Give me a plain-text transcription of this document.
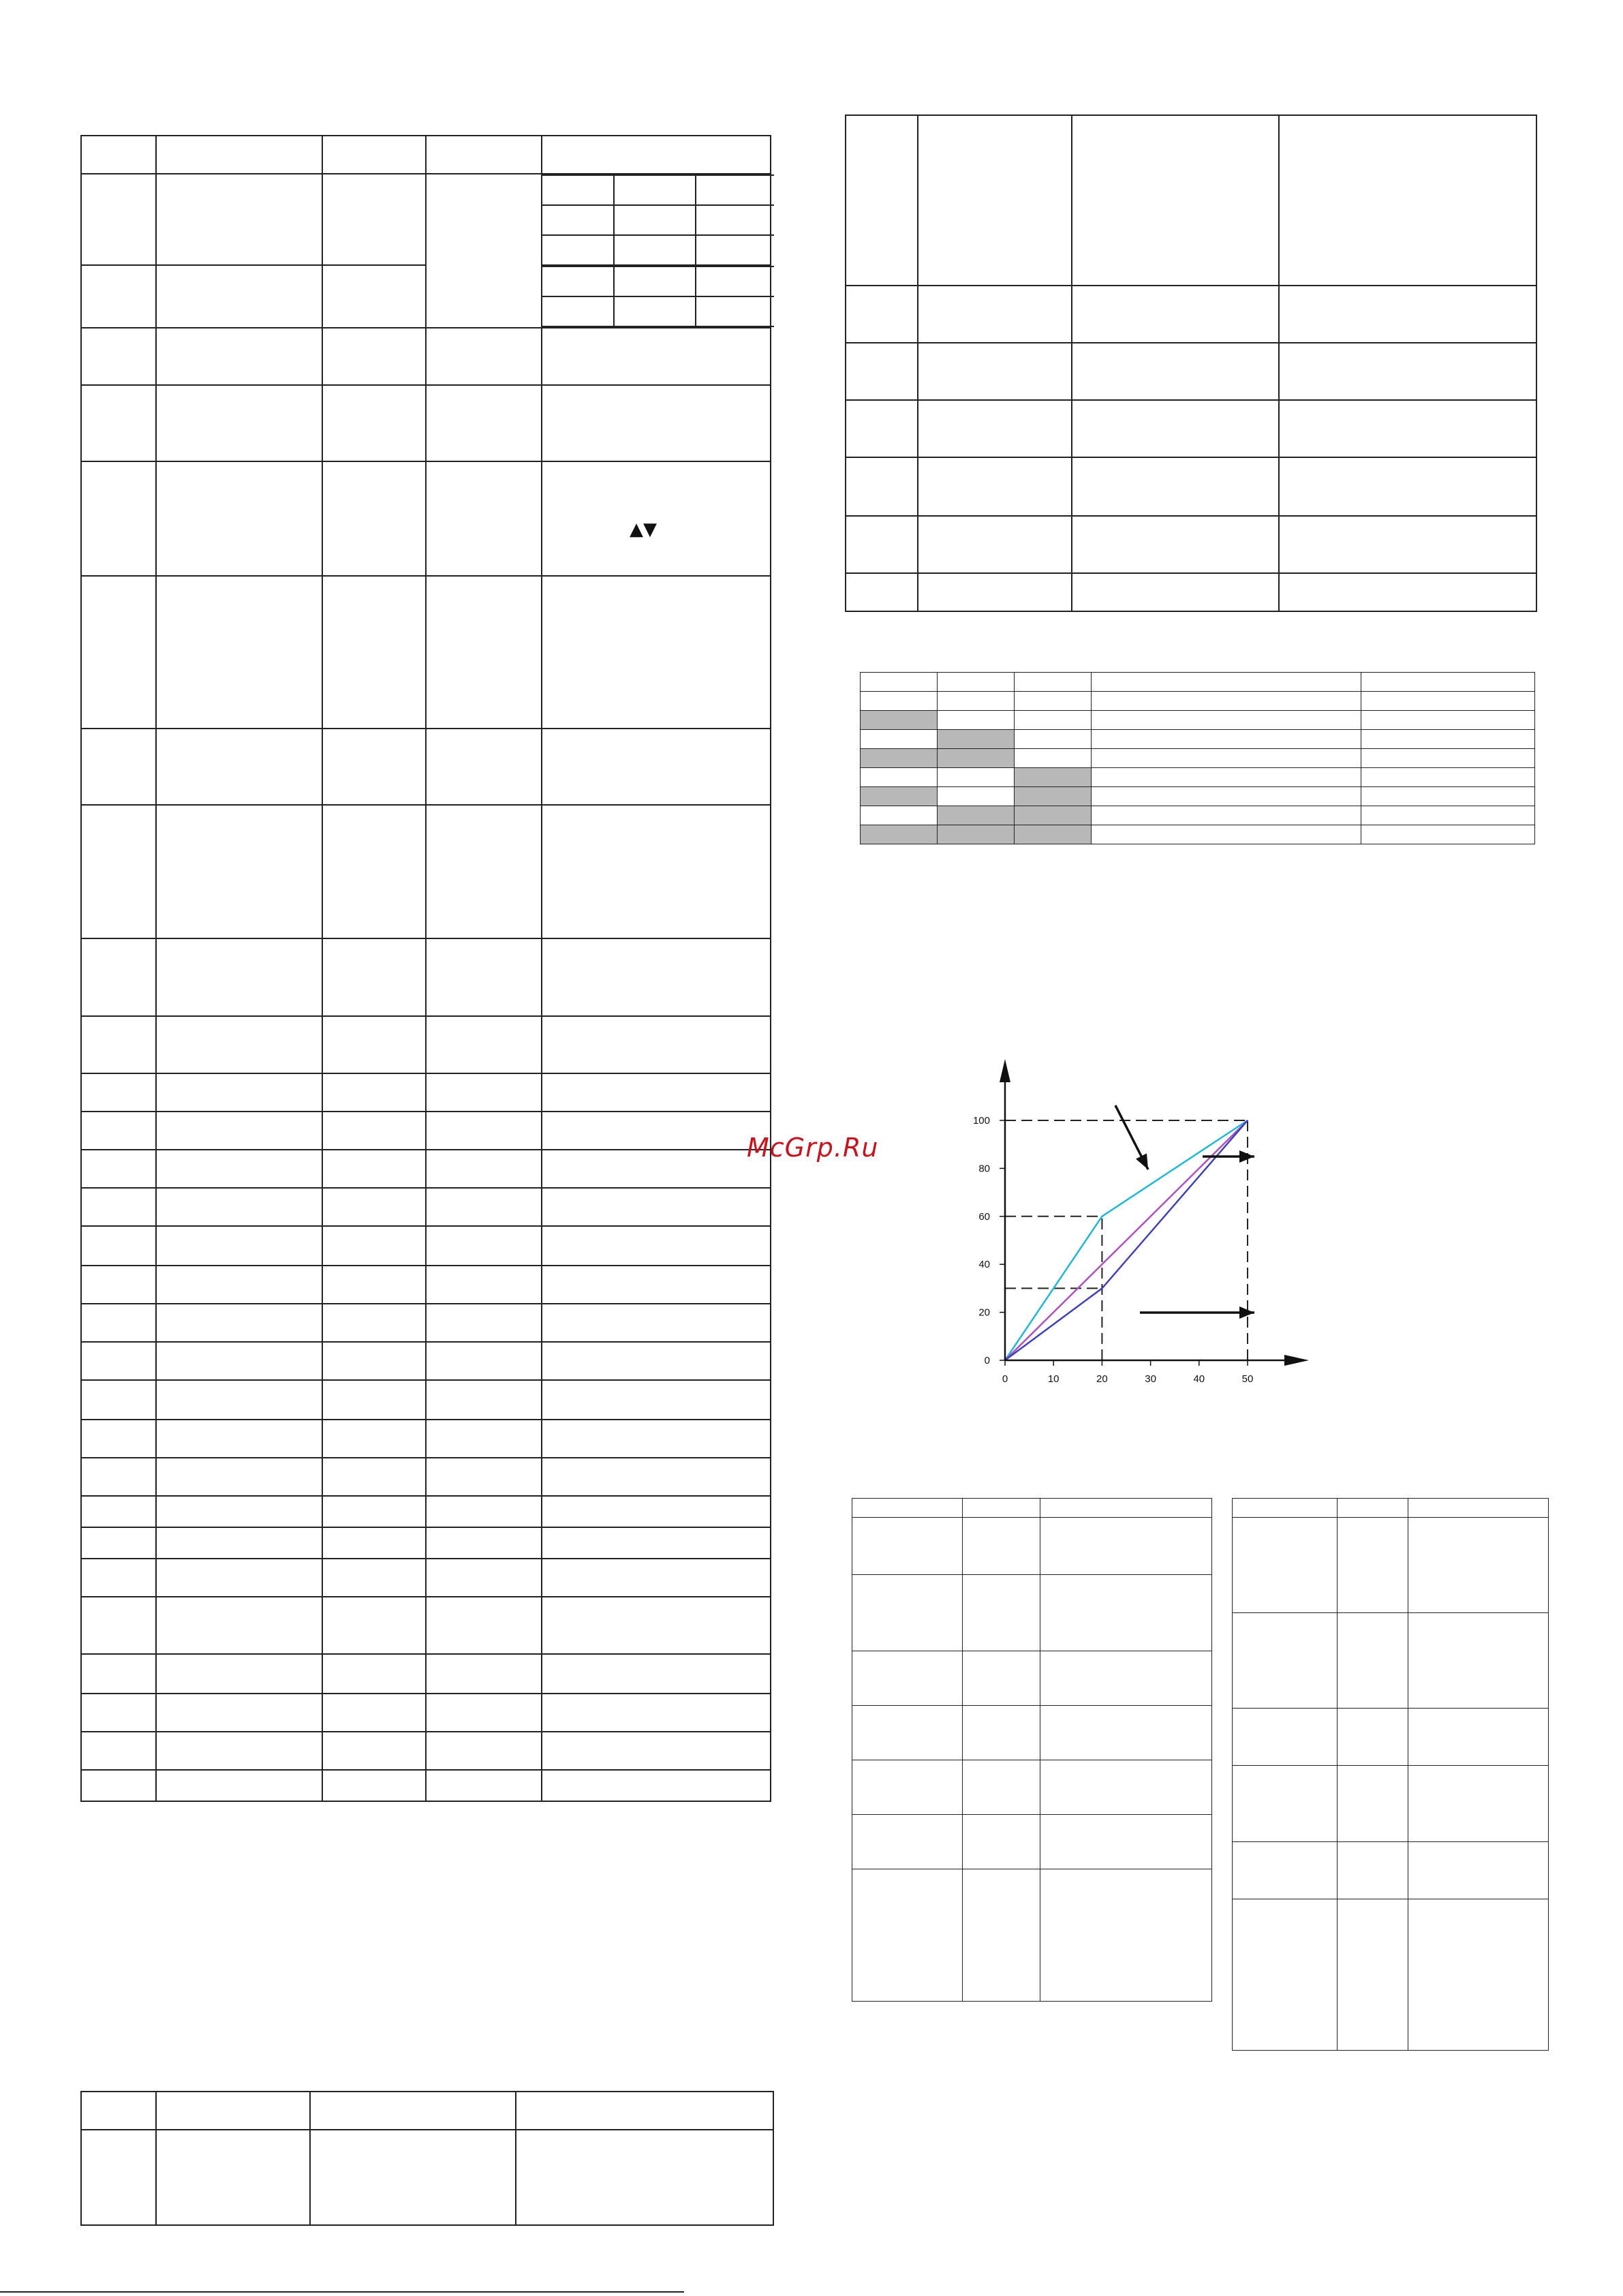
▲▼

McGrp.Ru
0	10	20	30	40	50
0
20
40
60
80
100
